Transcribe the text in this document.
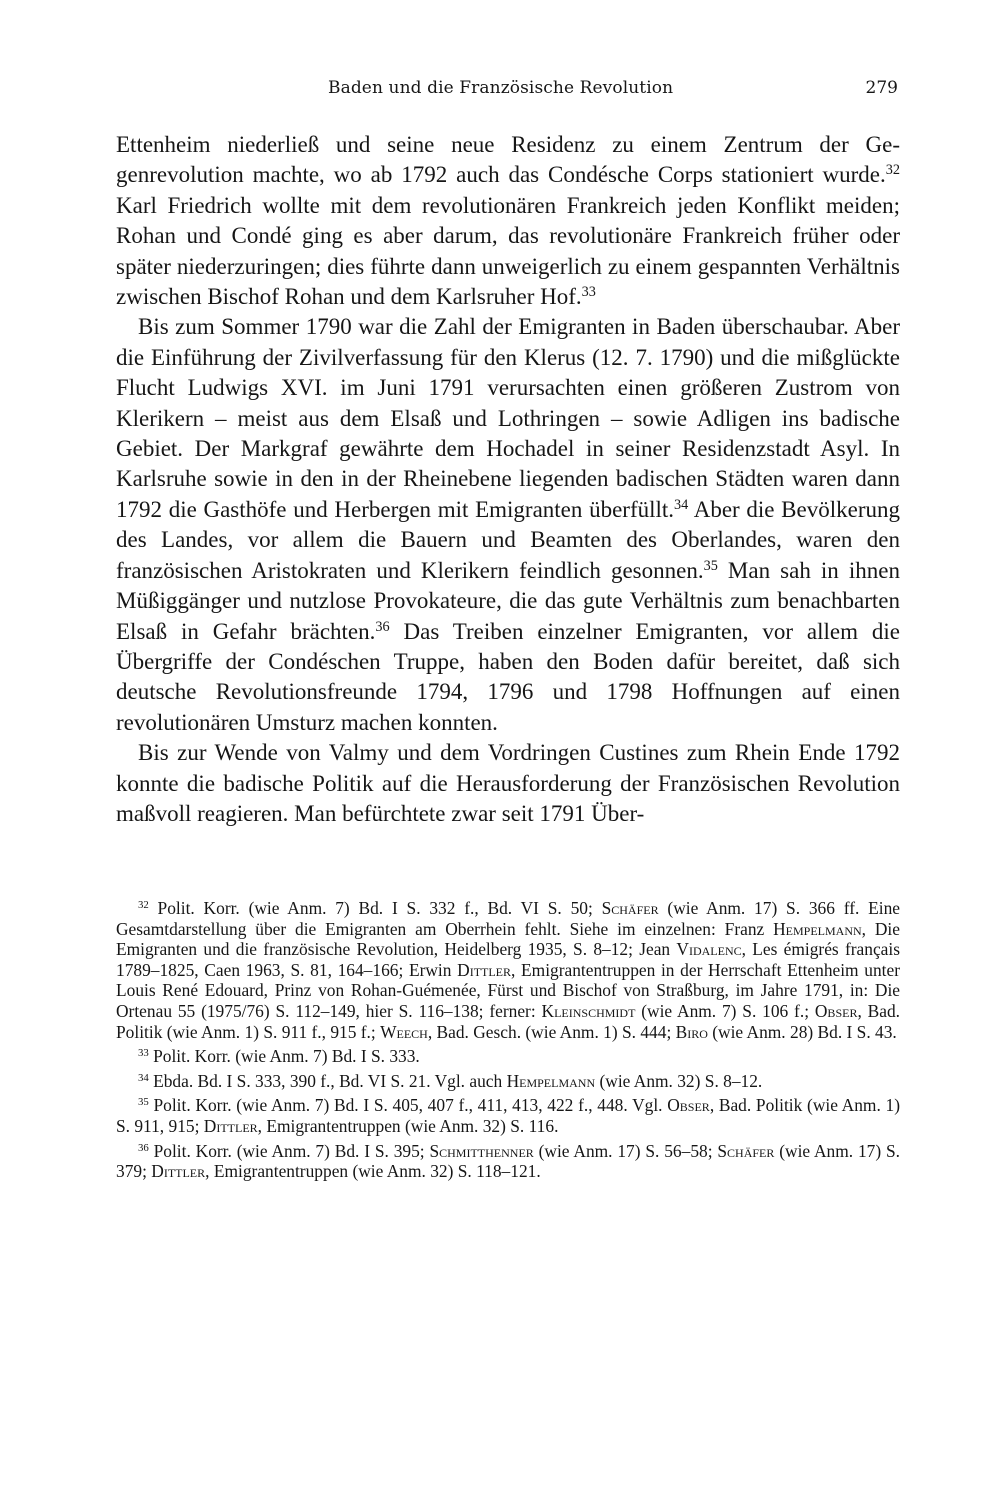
Baden und die Französische Revolution	279

Ettenheim niederließ und seine neue Residenz zu einem Zentrum der Gegenrevolution machte, wo ab 1792 auch das Condésche Corps stationiert wurde.$^{32}$ Karl Friedrich wollte mit dem revolutionären Frankreich jeden Konflikt meiden; Rohan und Condé ging es aber darum, das revolutionäre Frankreich früher oder später niederzuringen; dies führte dann unweigerlich zu einem gespannten Verhältnis zwischen Bischof Rohan und dem Karlsruher Hof.$^{33}$

Bis zum Sommer 1790 war die Zahl der Emigranten in Baden überschaubar. Aber die Einführung der Zivilverfassung für den Klerus (12. 7. 1790) und die mißglückte Flucht Ludwigs XVI. im Juni 1791 verursachten einen größeren Zustrom von Klerikern – meist aus dem Elsaß und Lothringen – sowie Adligen ins badische Gebiet. Der Markgraf gewährte dem Hochadel in seiner Residenzstadt Asyl. In Karlsruhe sowie in den in der Rheinebene liegenden badischen Städten waren dann 1792 die Gasthöfe und Herbergen mit Emigranten überfüllt.$^{34}$ Aber die Bevölkerung des Landes, vor allem die Bauern und Beamten des Oberlandes, waren den französischen Aristokraten und Klerikern feindlich gesonnen.$^{35}$ Man sah in ihnen Müßiggänger und nutzlose Provokateure, die das gute Verhältnis zum benachbarten Elsaß in Gefahr brächten.$^{36}$ Das Treiben einzelner Emigranten, vor allem die Übergriffe der Condéschen Truppe, haben den Boden dafür bereitet, daß sich deutsche Revolutionsfreunde 1794, 1796 und 1798 Hoffnungen auf einen revolutionären Umsturz machen konnten.

Bis zur Wende von Valmy und dem Vordringen Custines zum Rhein Ende 1792 konnte die badische Politik auf die Herausforderung der Französischen Revolution maßvoll reagieren. Man befürchtete zwar seit 1791 Über-

$^{32}$ Polit. Korr. (wie Anm. 7) Bd. I S. 332 f., Bd. VI S. 50; Schäfer (wie Anm. 17) S. 366 ff. Eine Gesamtdarstellung über die Emigranten am Oberrhein fehlt. Siehe im einzelnen: Franz Hempelmann, Die Emigranten und die französische Revolution, Heidelberg 1935, S. 8–12; Jean Vidalenc, Les émigrés français 1789–1825, Caen 1963, S. 81, 164–166; Erwin Dittler, Emigrantentruppen in der Herrschaft Ettenheim unter Louis René Edouard, Prinz von Rohan-Guémenée, Fürst und Bischof von Straßburg, im Jahre 1791, in: Die Ortenau 55 (1975/76) S. 112–149, hier S. 116–138; ferner: Kleinschmidt (wie Anm. 7) S. 106 f.; Obser, Bad. Politik (wie Anm. 1) S. 911 f., 915 f.; Weech, Bad. Gesch. (wie Anm. 1) S. 444; Biro (wie Anm. 28) Bd. I S. 43.

$^{33}$ Polit. Korr. (wie Anm. 7) Bd. I S. 333.

$^{34}$ Ebda. Bd. I S. 333, 390 f., Bd. VI S. 21. Vgl. auch Hempelmann (wie Anm. 32) S. 8–12.

$^{35}$ Polit. Korr. (wie Anm. 7) Bd. I S. 405, 407 f., 411, 413, 422 f., 448. Vgl. Obser, Bad. Politik (wie Anm. 1) S. 911, 915; Dittler, Emigrantentruppen (wie Anm. 32) S. 116.

$^{36}$ Polit. Korr. (wie Anm. 7) Bd. I S. 395; Schmitthenner (wie Anm. 17) S. 56–58; Schäfer (wie Anm. 17) S. 379; Dittler, Emigrantentruppen (wie Anm. 32) S. 118–121.
